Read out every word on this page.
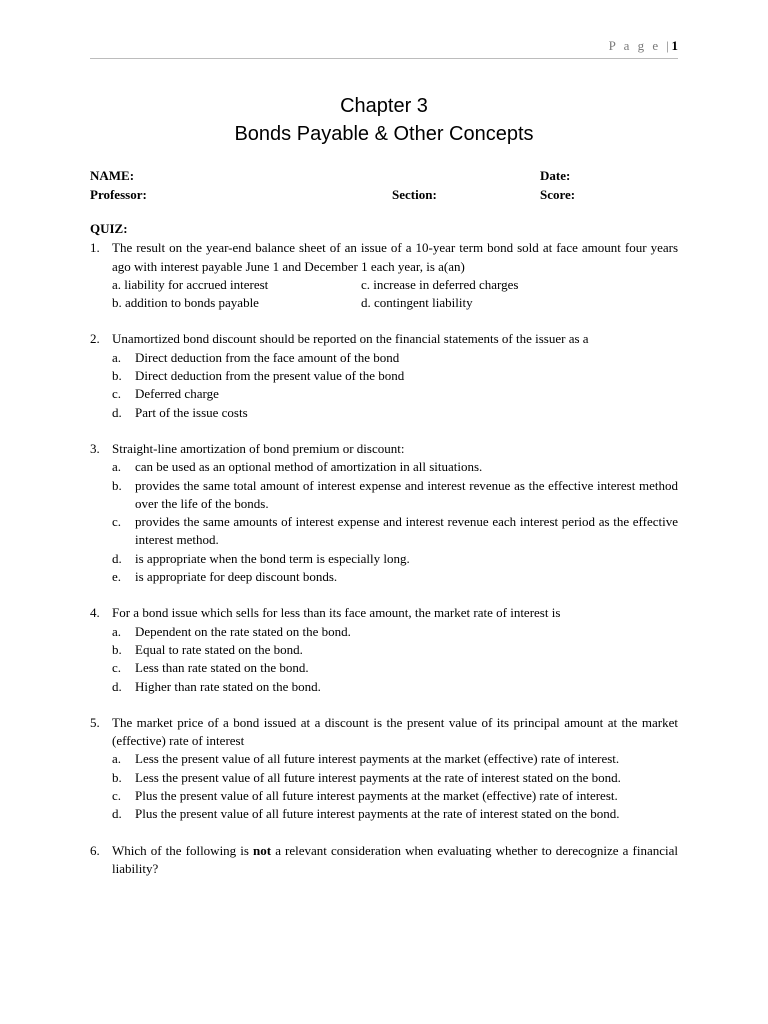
P a g e |1
Chapter 3
Bonds Payable & Other Concepts
NAME:	Date:
Professor:	Section:	Score:
QUIZ:
1. The result on the year-end balance sheet of an issue of a 10-year term bond sold at face amount four years ago with interest payable June 1 and December 1 each year, is a(an)
a. liability for accrued interest	c. increase in deferred charges
b. addition to bonds payable	d. contingent liability
2. Unamortized bond discount should be reported on the financial statements of the issuer as a
a.	Direct deduction from the face amount of the bond
b.	Direct deduction from the present value of the bond
c.	Deferred charge
d.	Part of the issue costs
3. Straight-line amortization of bond premium or discount:
a.	can be used as an optional method of amortization in all situations.
b.	provides the same total amount of interest expense and interest revenue as the effective interest method over the life of the bonds.
c.	provides the same amounts of interest expense and interest revenue each interest period as the effective interest method.
d.	is appropriate when the bond term is especially long.
e.	is appropriate for deep discount bonds.
4. For a bond issue which sells for less than its face amount, the market rate of interest is
a.	Dependent on the rate stated on the bond.
b.	Equal to rate stated on the bond.
c.	Less than rate stated on the bond.
d.	Higher than rate stated on the bond.
5. The market price of a bond issued at a discount is the present value of its principal amount at the market (effective) rate of interest
a.	Less the present value of all future interest payments at the market (effective) rate of interest.
b.	Less the present value of all future interest payments at the rate of interest stated on the bond.
c.	Plus the present value of all future interest payments at the market (effective) rate of interest.
d.	Plus the present value of all future interest payments at the rate of interest stated on the bond.
6. Which of the following is not a relevant consideration when evaluating whether to derecognize a financial liability?
